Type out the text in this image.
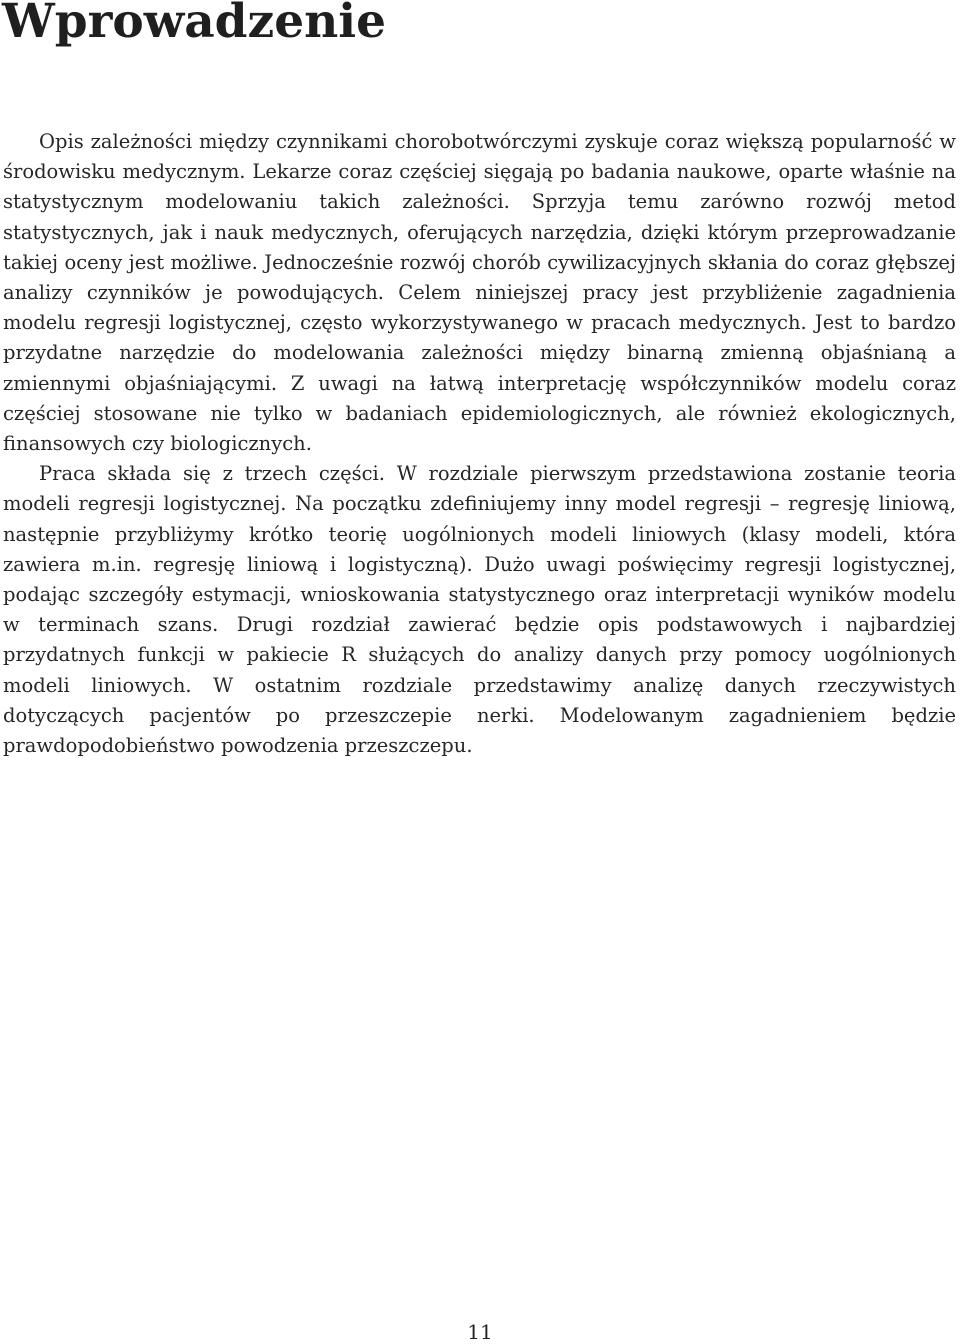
Wprowadzenie

Opis zależności między czynnikami chorobotwórczymi zyskuje coraz większą popularność w środowisku medycznym. Lekarze coraz częściej sięgają po badania naukowe, oparte właśnie na statystycznym modelowaniu takich zależności. Sprzyja temu zarówno rozwój metod statystycznych, jak i nauk medycznych, oferujących narzędzia, dzięki którym przeprowadzanie takiej oceny jest możliwe. Jednocześnie rozwój chorób cywilizacyjnych skłania do coraz głębszej analizy czynników je powodujących. Celem niniejszej pracy jest przybliżenie zagadnienia modelu regresji logistycznej, często wykorzystywanego w pracach medycznych. Jest to bardzo przydatne narzędzie do modelowania zależności między binarną zmienną objaśnianą a zmiennymi objaśniającymi. Z uwagi na łatwą interpretację współczynników modelu coraz częściej stosowane nie tylko w badaniach epidemiologicznych, ale również ekologicznych, finansowych czy biologicznych.

Praca składa się z trzech części. W rozdziale pierwszym przedstawiona zostanie teoria modeli regresji logistycznej. Na początku zdefiniujemy inny model regresji – regresję liniową, następnie przybliżymy krótko teorię uogólnionych modeli liniowych (klasy modeli, która zawiera m.in. regresję liniową i logistyczną). Dużo uwagi poświęcimy regresji logistycznej, podając szczegóły estymacji, wnioskowania statystycznego oraz interpretacji wyników modelu w terminach szans. Drugi rozdział zawierać będzie opis podstawowych i najbardziej przydatnych funkcji w pakiecie R służących do analizy danych przy pomocy uogólnionych modeli liniowych. W ostatnim rozdziale przedstawimy analizę danych rzeczywistych dotyczących pacjentów po przeszczepie nerki. Modelowanym zagadnieniem będzie prawdopodobieństwo powodzenia przeszczepu.

11
